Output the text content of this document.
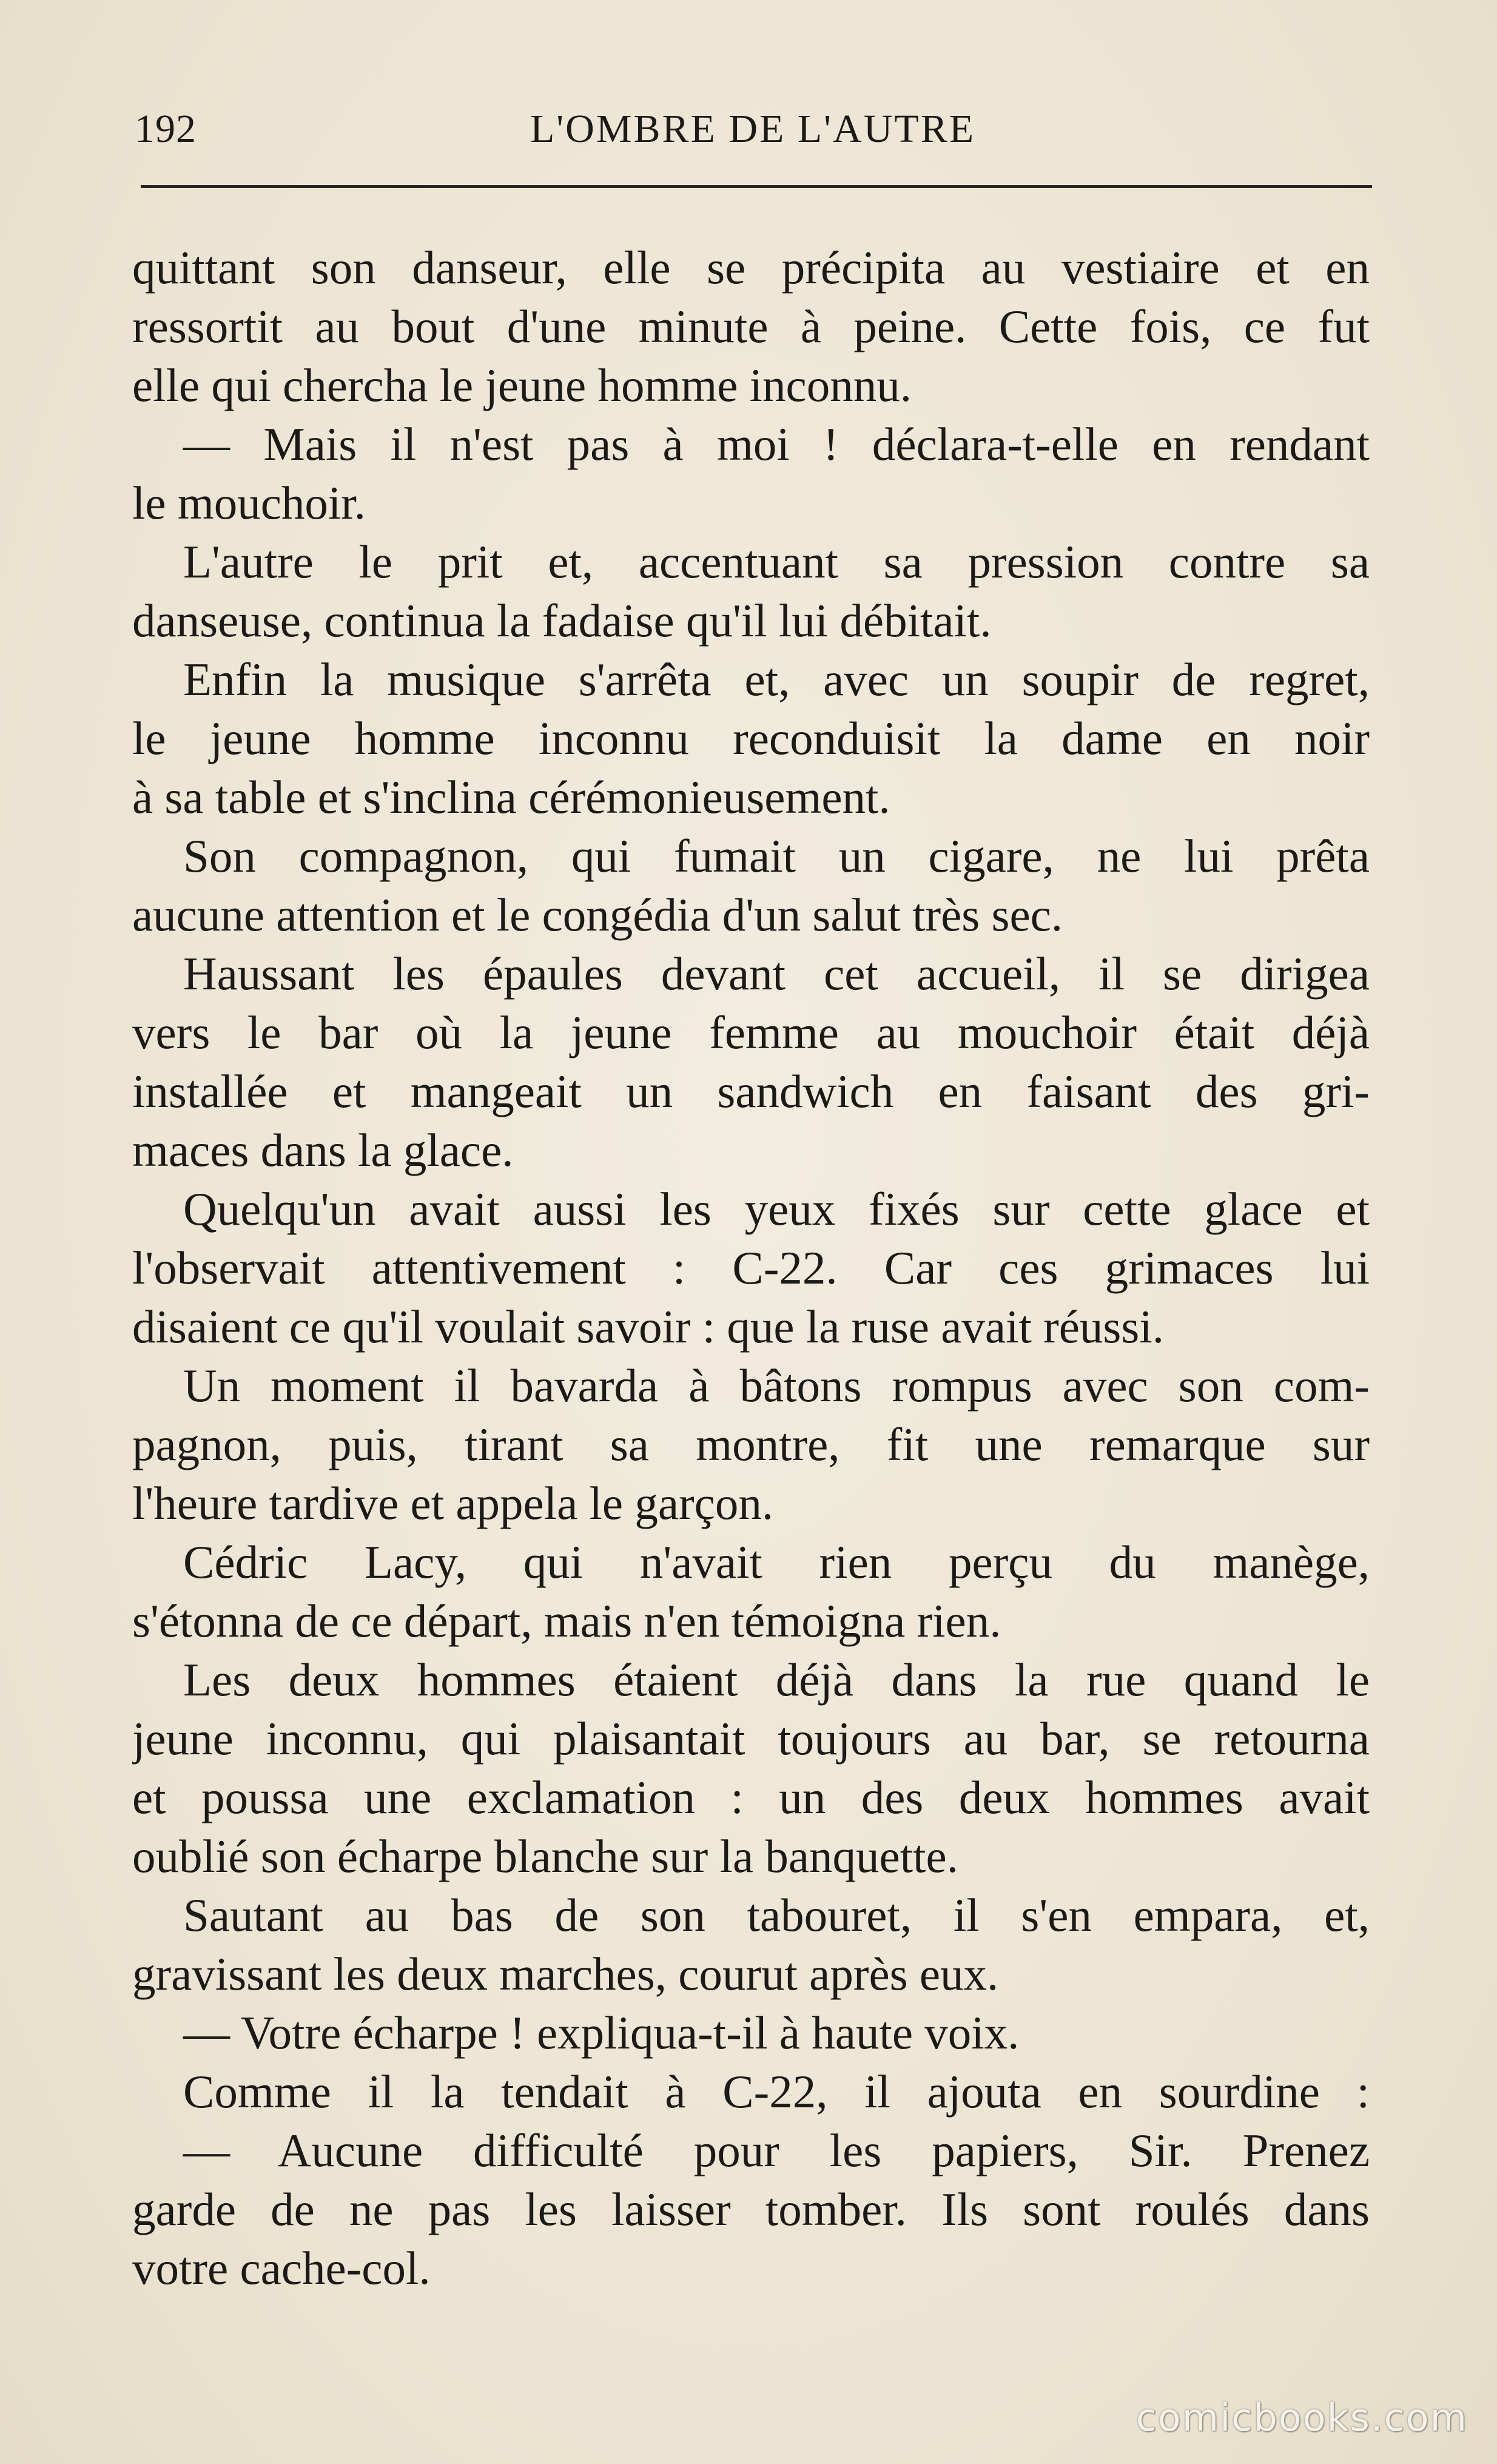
192	L'OMBRE DE L'AUTRE
quittant son danseur, elle se précipita au vestiaire et en
ressortit au bout d'une minute à peine. Cette fois, ce fut
elle qui chercha le jeune homme inconnu.
— Mais il n'est pas à moi ! déclara-t-elle en rendant
le mouchoir.
L'autre le prit et, accentuant sa pression contre sa
danseuse, continua la fadaise qu'il lui débitait.
Enfin la musique s'arrêta et, avec un soupir de regret,
le jeune homme inconnu reconduisit la dame en noir
à sa table et s'inclina cérémonieusement.
Son compagnon, qui fumait un cigare, ne lui prêta
aucune attention et le congédia d'un salut très sec.
Haussant les épaules devant cet accueil, il se dirigea
vers le bar où la jeune femme au mouchoir était déjà
installée et mangeait un sandwich en faisant des gri-
maces dans la glace.
Quelqu'un avait aussi les yeux fixés sur cette glace et
l'observait attentivement : C-22. Car ces grimaces lui
disaient ce qu'il voulait savoir : que la ruse avait réussi.
Un moment il bavarda à bâtons rompus avec son com-
pagnon, puis, tirant sa montre, fit une remarque sur
l'heure tardive et appela le garçon.
Cédric Lacy, qui n'avait rien perçu du manège,
s'étonna de ce départ, mais n'en témoigna rien.
Les deux hommes étaient déjà dans la rue quand le
jeune inconnu, qui plaisantait toujours au bar, se retourna
et poussa une exclamation : un des deux hommes avait
oublié son écharpe blanche sur la banquette.
Sautant au bas de son tabouret, il s'en empara, et,
gravissant les deux marches, courut après eux.
— Votre écharpe ! expliqua-t-il à haute voix.
Comme il la tendait à C-22, il ajouta en sourdine :
— Aucune difficulté pour les papiers, Sir. Prenez
garde de ne pas les laisser tomber. Ils sont roulés dans
votre cache-col.
comicbooks.com
